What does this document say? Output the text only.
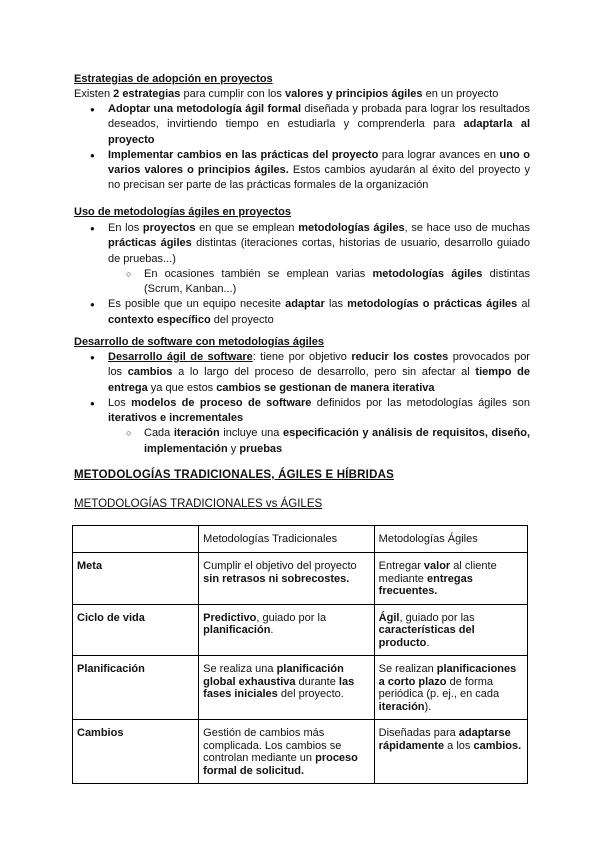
Estrategias de adopción en proyectos
Existen 2 estrategias para cumplir con los valores y principios ágiles en un proyecto
● Adoptar una metodología ágil formal diseñada y probada para lograr los resultados deseados, invirtiendo tiempo en estudiarla y comprenderla para adaptarla al proyecto
● Implementar cambios en las prácticas del proyecto para lograr avances en uno o varios valores o principios ágiles. Estos cambios ayudarán al éxito del proyecto y no precisan ser parte de las prácticas formales de la organización
Uso de metodologías ágiles en proyectos
● En los proyectos en que se emplean metodologías ágiles, se hace uso de muchas prácticas ágiles distintas (iteraciones cortas, historias de usuario, desarrollo guiado de pruebas...)
○ En ocasiones también se emplean varias metodologías ágiles distintas (Scrum, Kanban...)
● Es posible que un equipo necesite adaptar las metodologías o prácticas ágiles al contexto específico del proyecto
Desarrollo de software con metodologías ágiles
● Desarrollo ágil de software: tiene por objetivo reducir los costes provocados por los cambios a lo largo del proceso de desarrollo, pero sin afectar al tiempo de entrega ya que estos cambios se gestionan de manera iterativa
● Los modelos de proceso de software definidos por las metodologías ágiles son iterativos e incrementales
○ Cada iteración incluye una especificación y análisis de requisitos, diseño, implementación y pruebas
METODOLOGÍAS TRADICIONALES, ÁGILES E HÍBRIDAS
METODOLOGÍAS TRADICIONALES vs ÁGILES
	Metodologías Tradicionales	Metodologías Ágiles
Meta	Cumplir el objetivo del proyecto sin retrasos ni sobrecostes.	Entregar valor al cliente mediante entregas frecuentes.
Ciclo de vida	Predictivo, guiado por la planificación.	Ágil, guiado por las características del producto.
Planificación	Se realiza una planificación global exhaustiva durante las fases iniciales del proyecto.	Se realizan planificaciones a corto plazo de forma periódica (p. ej., en cada iteración).
Cambios	Gestión de cambios más complicada. Los cambios se controlan mediante un proceso formal de solicitud.	Diseñadas para adaptarse rápidamente a los cambios.
